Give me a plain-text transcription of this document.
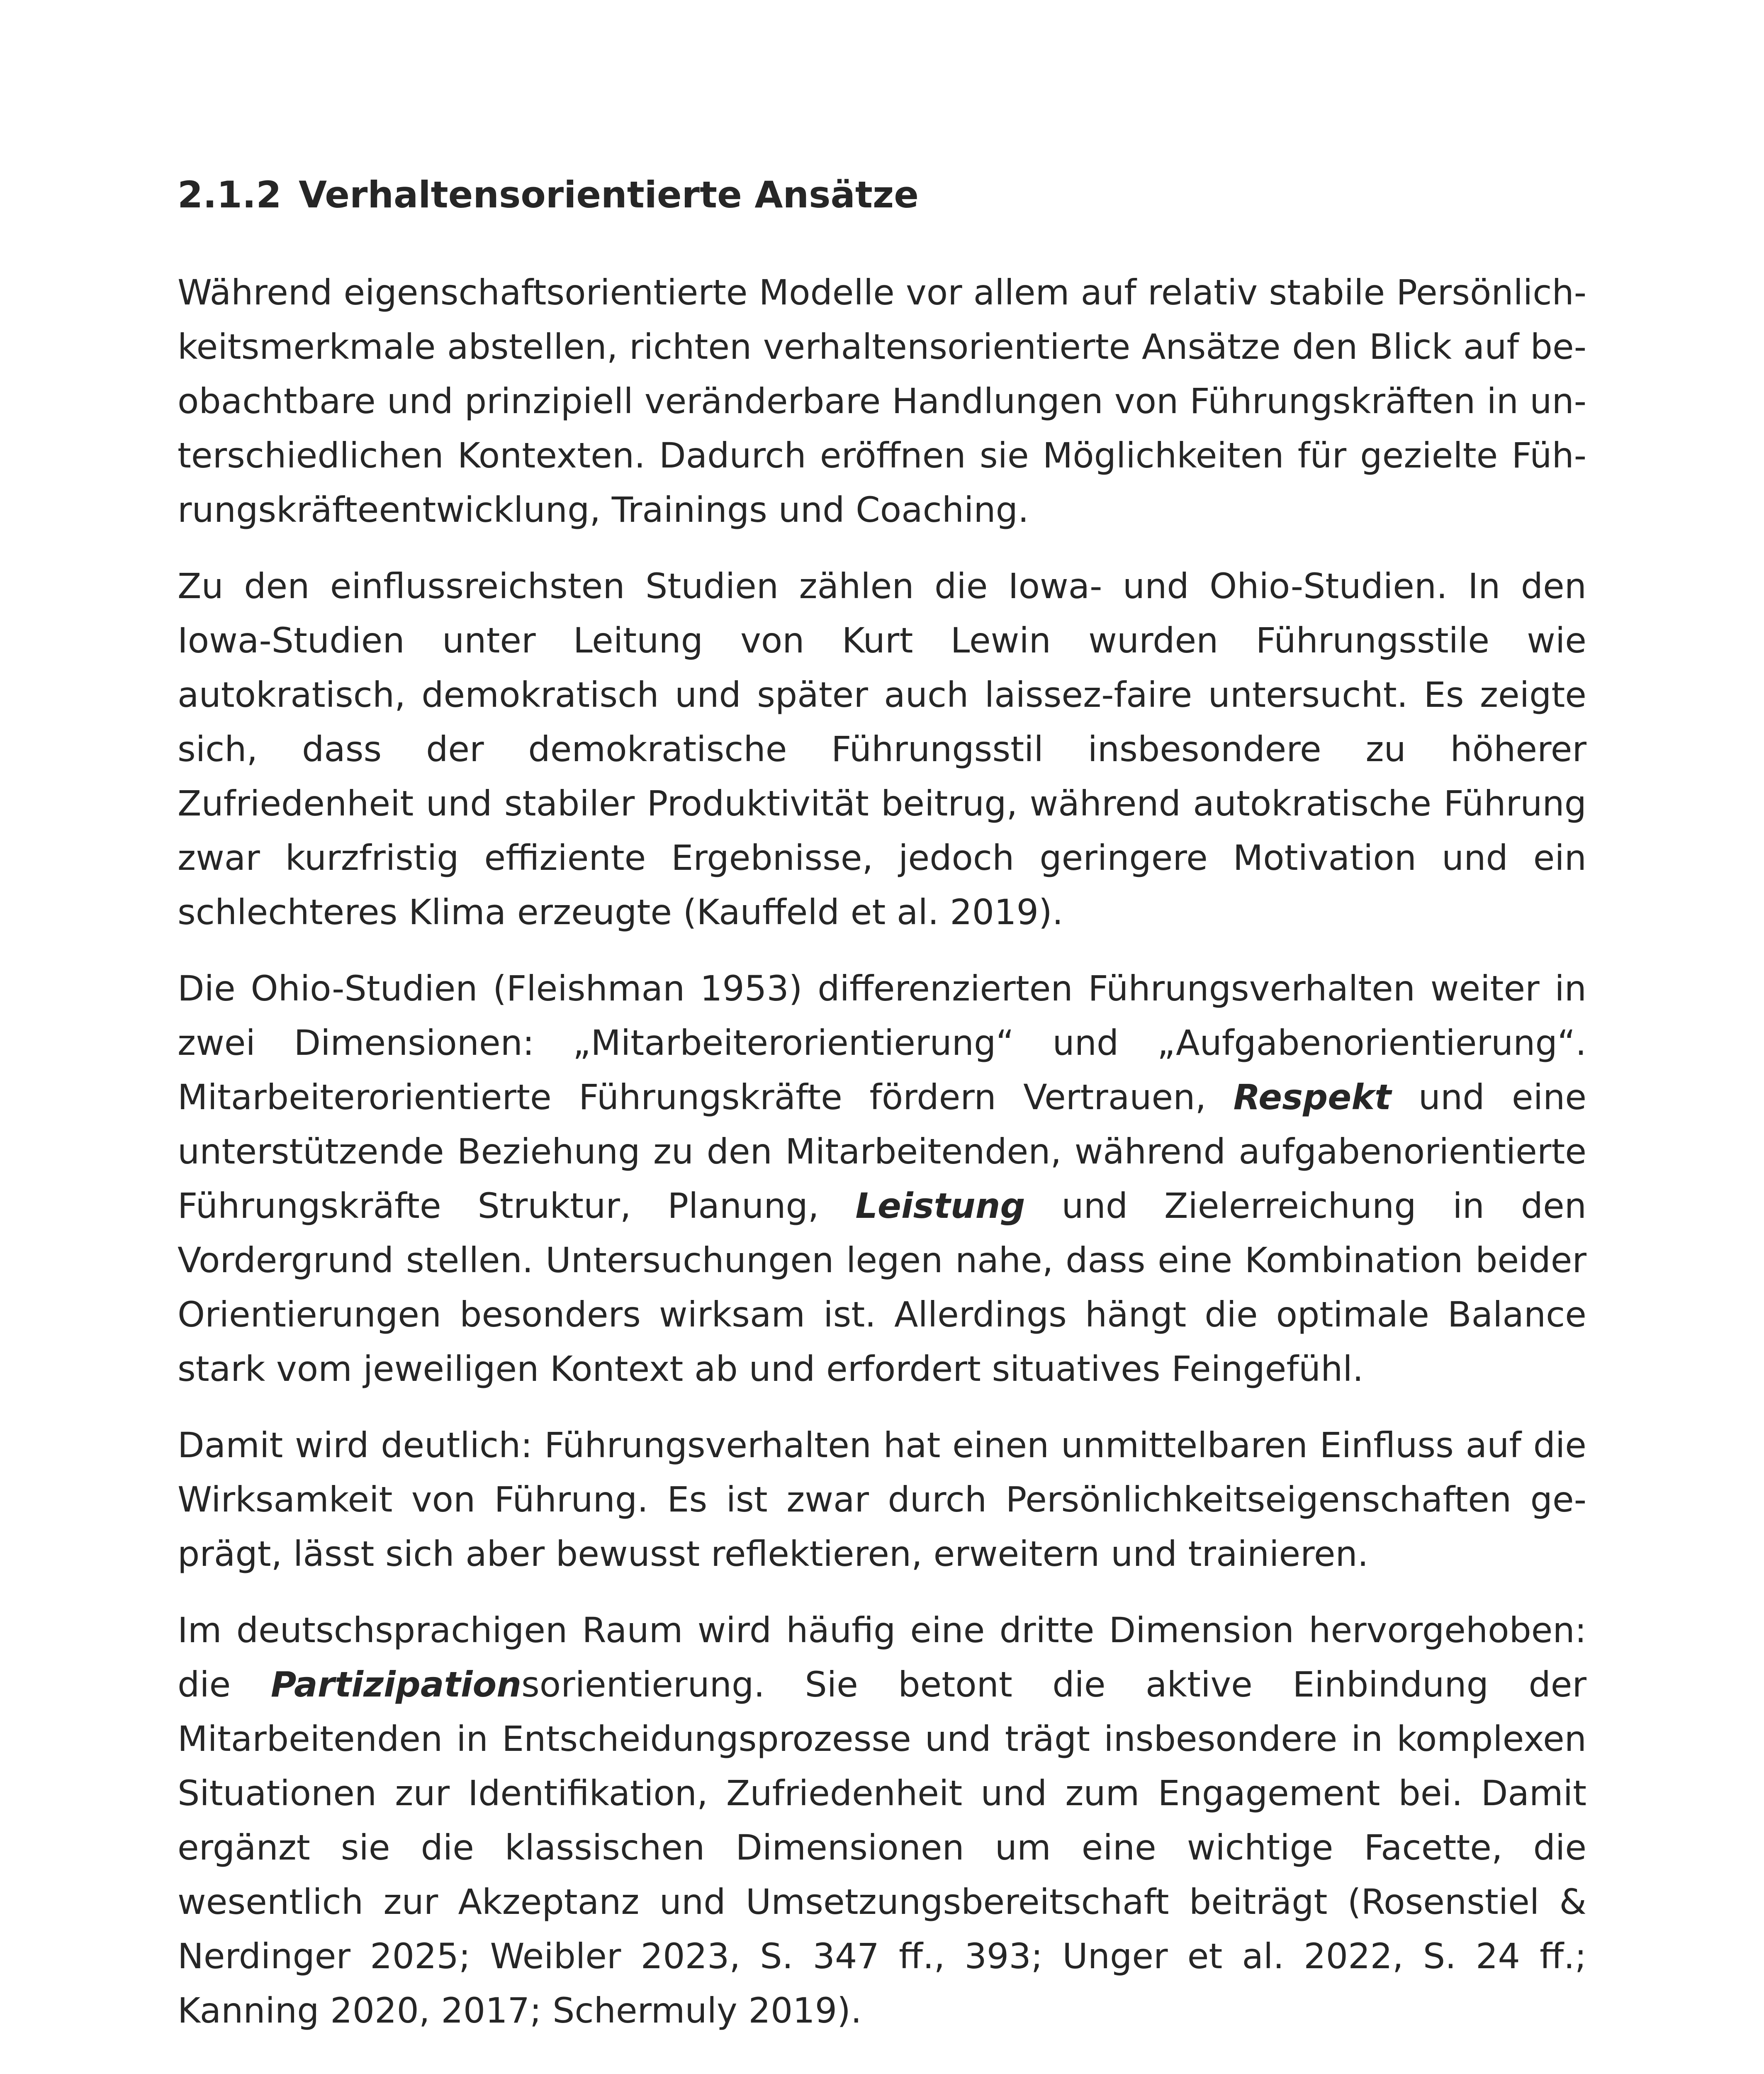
2.1.2 Verhaltensorientierte Ansätze

Während eigenschaftsorientierte Modelle vor allem auf relativ stabile Persönlichkeitsmerkmale abstellen, richten verhaltensorientierte Ansätze den Blick auf beobachtbare und prinzipiell veränderbare Handlungen von Führungskräften in unterschiedlichen Kontexten. Dadurch eröffnen sie Möglichkeiten für gezielte Führungskräfteentwicklung, Trainings und Coaching.

Zu den einflussreichsten Studien zählen die Iowa- und Ohio-Studien. In den Iowa-Studien unter Leitung von Kurt Lewin wurden Führungsstile wie autokratisch, demokratisch und später auch laissez-faire untersucht. Es zeigte sich, dass der demokratische Führungsstil insbesondere zu höherer Zufriedenheit und stabiler Produktivität beitrug, während autokratische Führung zwar kurzfristig effiziente Ergebnisse, jedoch geringere Motivation und ein schlechteres Klima erzeugte (Kauffeld et al. 2019).

Die Ohio-Studien (Fleishman 1953) differenzierten Führungsverhalten weiter in zwei Dimensionen: „Mitarbeiterorientierung“ und „Aufgabenorientierung“. Mitarbeiterorientierte Führungskräfte fördern Vertrauen, Respekt und eine unterstützende Beziehung zu den Mitarbeitenden, während aufgabenorientierte Führungskräfte Struktur, Planung, Leistung und Zielerreichung in den Vordergrund stellen. Untersuchungen legen nahe, dass eine Kombination beider Orientierungen besonders wirksam ist. Allerdings hängt die optimale Balance stark vom jeweiligen Kontext ab und erfordert situatives Feingefühl.

Damit wird deutlich: Führungsverhalten hat einen unmittelbaren Einfluss auf die Wirksamkeit von Führung. Es ist zwar durch Persönlichkeitseigenschaften geprägt, lässt sich aber bewusst reflektieren, erweitern und trainieren.

Im deutschsprachigen Raum wird häufig eine dritte Dimension hervorgehoben: die Partizipationsorientierung. Sie betont die aktive Einbindung der Mitarbeitenden in Entscheidungsprozesse und trägt insbesondere in komplexen Situationen zur Identifikation, Zufriedenheit und zum Engagement bei. Damit ergänzt sie die klassischen Dimensionen um eine wichtige Facette, die wesentlich zur Akzeptanz und Umsetzungsbereitschaft beiträgt (Rosenstiel & Nerdinger 2025; Weibler 2023, S. 347 ff., 393; Unger et al. 2022, S. 24 ff.; Kanning 2020, 2017; Schermuly 2019).
